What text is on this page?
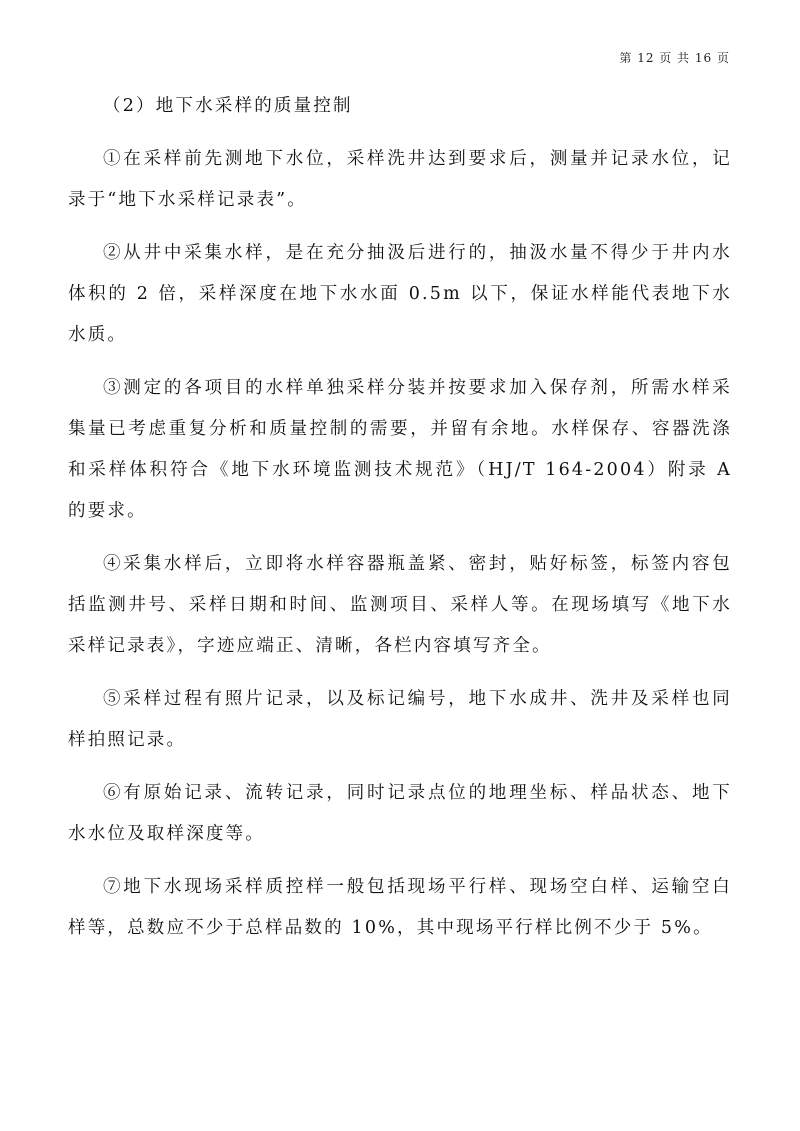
第 12 页 共 16 页

（2）地下水采样的质量控制

①在采样前先测地下水位，采样洗井达到要求后，测量并记录水位，记录于“地下水采样记录表”。

②从井中采集水样，是在充分抽汲后进行的，抽汲水量不得少于井内水体积的 2 倍，采样深度在地下水水面 0.5m 以下，保证水样能代表地下水水质。

③测定的各项目的水样单独采样分装并按要求加入保存剂，所需水样采集量已考虑重复分析和质量控制的需要，并留有余地。水样保存、容器洗涤和采样体积符合《地下水环境监测技术规范》（HJ/T 164-2004）附录 A 的要求。

④采集水样后，立即将水样容器瓶盖紧、密封，贴好标签，标签内容包括监测井号、采样日期和时间、监测项目、采样人等。在现场填写《地下水采样记录表》，字迹应端正、清晰，各栏内容填写齐全。

⑤采样过程有照片记录，以及标记编号，地下水成井、洗井及采样也同样拍照记录。

⑥有原始记录、流转记录，同时记录点位的地理坐标、样品状态、地下水水位及取样深度等。

⑦地下水现场采样质控样一般包括现场平行样、现场空白样、运输空白样等，总数应不少于总样品数的 10%，其中现场平行样比例不少于 5%。
